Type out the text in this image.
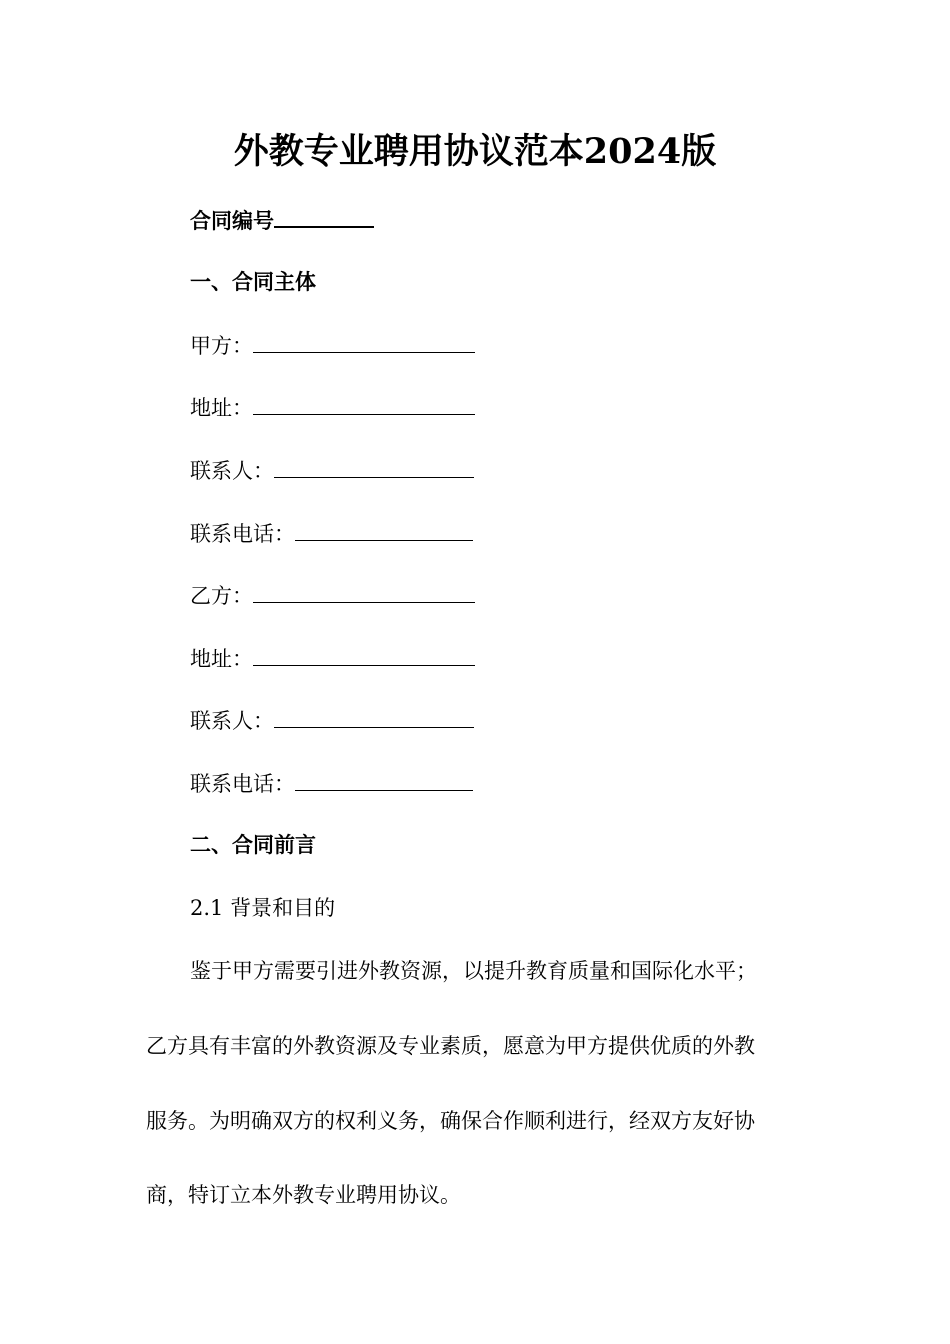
外教专业聘用协议范本2024版
合同编号
一、合同主体
甲方：
地址：
联系人：
联系电话：
乙方：
地址：
联系人：
联系电话：
二、合同前言
2.1 背景和目的
鉴于甲方需要引进外教资源，以提升教育质量和国际化水平；
乙方具有丰富的外教资源及专业素质，愿意为甲方提供优质的外教
服务。为明确双方的权利义务，确保合作顺利进行，经双方友好协
商，特订立本外教专业聘用协议。
